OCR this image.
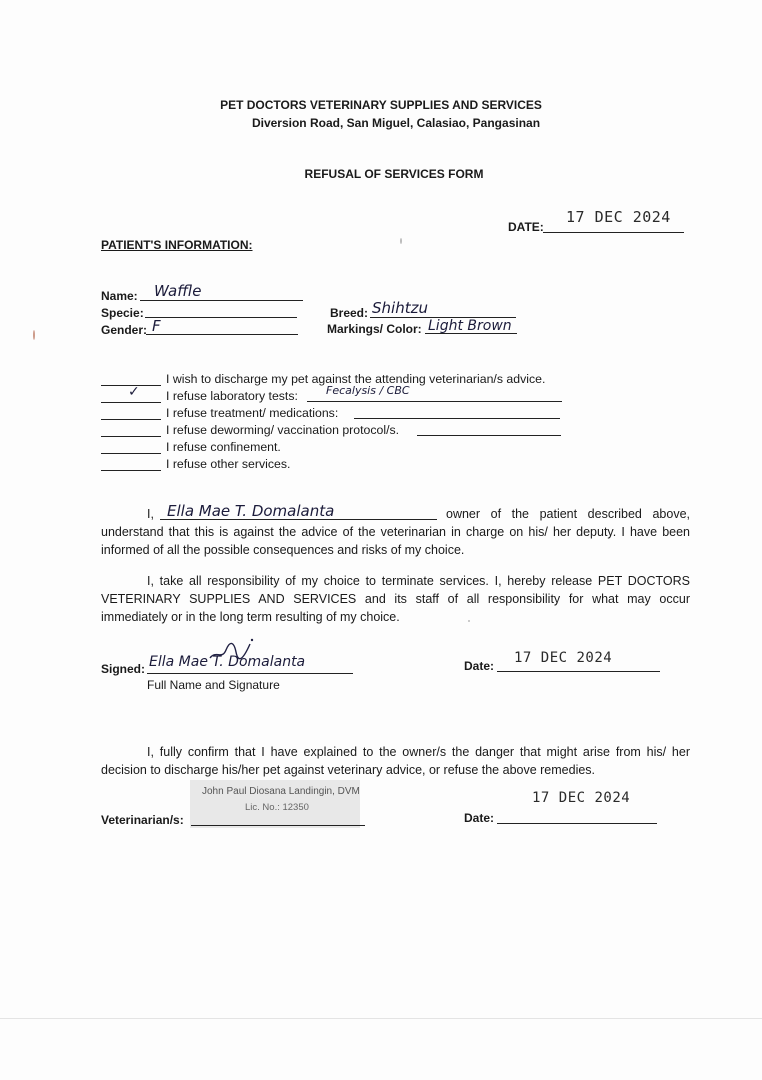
PET DOCTORS VETERINARY SUPPLIES AND SERVICES
Diversion Road, San Miguel, Calasiao, Pangasinan
REFUSAL OF SERVICES FORM
DATE:
17 DEC 2024
PATIENT'S INFORMATION:
Name: Waffle
Specie:
Gender: F
Breed: Shihtzu
Markings/ Color: Light Brown
I wish to discharge my pet against the attending veterinarian/s advice.
✓ I refuse laboratory tests:	Fecalysis / CBC
I refuse treatment/ medications:
I refuse deworming/ vaccination protocol/s.
I refuse confinement.
I refuse other services.
I, Ella Mae T. Domalanta	owner of the patient described above,
understand that this is against the advice of the veterinarian in charge on his/ her deputy. I have been informed of all the possible consequences and risks of my choice.
I, take all responsibility of my choice to terminate services. I, hereby release PET DOCTORS VETERINARY SUPPLIES AND SERVICES and its staff of all responsibility for what may occur immediately or in the long term resulting of my choice.
Signed: Ella Mae T. Domalanta
Full Name and Signature
Date: 17 DEC 2024
I, fully confirm that I have explained to the owner/s the danger that might arise from his/ her decision to discharge his/her pet against veterinary advice, or refuse the above remedies.
John Paul Diosana Landingin, DVM
Lic. No.: 12350
Veterinarian/s:	Date:
17 DEC 2024
